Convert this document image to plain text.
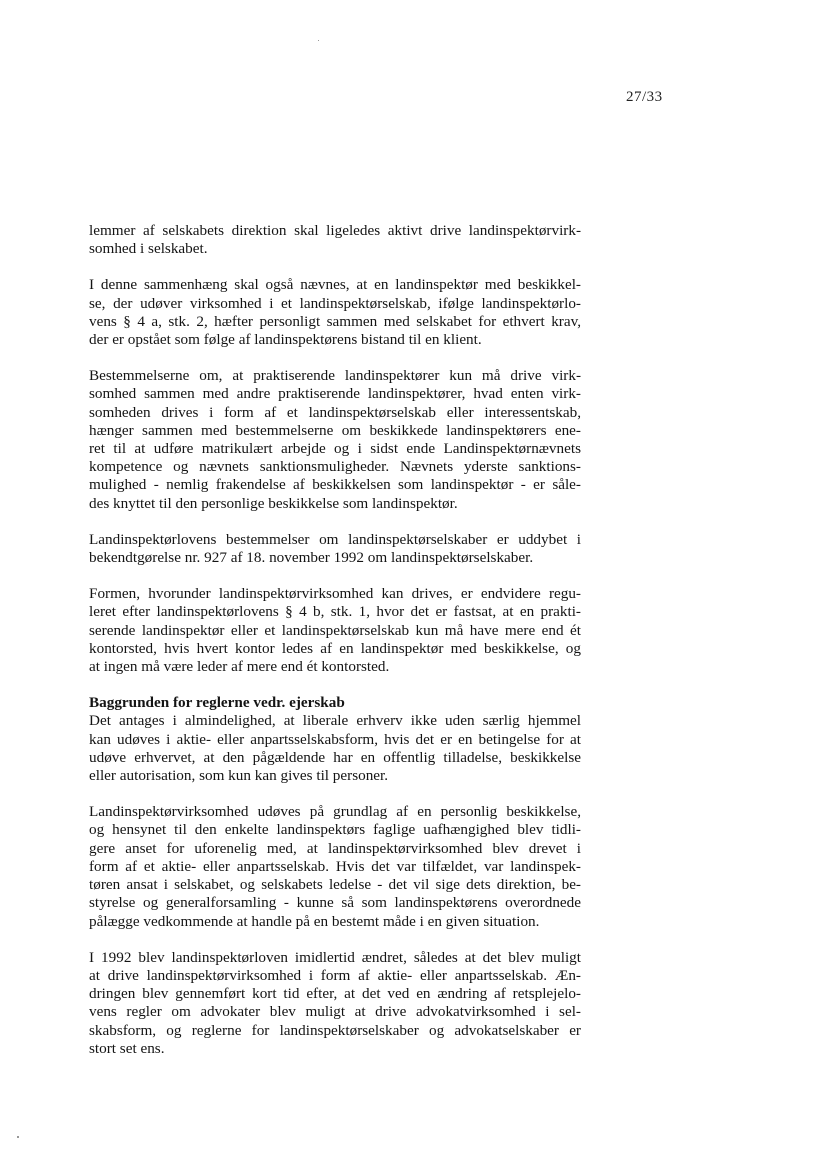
27/33

lemmer af selskabets direktion skal ligeledes aktivt drive landinspektørvirk-
somhed i selskabet.

I denne sammenhæng skal også nævnes, at en landinspektør med beskikkel-
se, der udøver virksomhed i et landinspektørselskab, ifølge landinspektørlo-
vens § 4 a, stk. 2, hæfter personligt sammen med selskabet for ethvert krav,
der er opstået som følge af landinspektørens bistand til en klient.

Bestemmelserne om, at praktiserende landinspektører kun må drive virk-
somhed sammen med andre praktiserende landinspektører, hvad enten virk-
somheden drives i form af et landinspektørselskab eller interessentskab,
hænger sammen med bestemmelserne om beskikkede landinspektørers ene-
ret til at udføre matrikulært arbejde og i sidst ende Landinspektørnævnets
kompetence og nævnets sanktionsmuligheder. Nævnets yderste sanktions-
mulighed - nemlig frakendelse af beskikkelsen som landinspektør - er såle-
des knyttet til den personlige beskikkelse som landinspektør.

Landinspektørlovens bestemmelser om landinspektørselskaber er uddybet i
bekendtgørelse nr. 927 af 18. november 1992 om landinspektørselskaber.

Formen, hvorunder landinspektørvirksomhed kan drives, er endvidere regu-
leret efter landinspektørlovens § 4 b, stk. 1, hvor det er fastsat, at en prakti-
serende landinspektør eller et landinspektørselskab kun må have mere end ét
kontorsted, hvis hvert kontor ledes af en landinspektør med beskikkelse, og
at ingen må være leder af mere end ét kontorsted.

Baggrunden for reglerne vedr. ejerskab
Det antages i almindelighed, at liberale erhverv ikke uden særlig hjemmel
kan udøves i aktie- eller anpartsselskabsform, hvis det er en betingelse for at
udøve erhvervet, at den pågældende har en offentlig tilladelse, beskikkelse
eller autorisation, som kun kan gives til personer.

Landinspektørvirksomhed udøves på grundlag af en personlig beskikkelse,
og hensynet til den enkelte landinspektørs faglige uafhængighed blev tidli-
gere anset for uforenelig med, at landinspektørvirksomhed blev drevet i
form af et aktie- eller anpartsselskab. Hvis det var tilfældet, var landinspek-
tøren ansat i selskabet, og selskabets ledelse - det vil sige dets direktion, be-
styrelse og generalforsamling - kunne så som landinspektørens overordnede
pålægge vedkommende at handle på en bestemt måde i en given situation.

I 1992 blev landinspektørloven imidlertid ændret, således at det blev muligt
at drive landinspektørvirksomhed i form af aktie- eller anpartsselskab. Æn-
dringen blev gennemført kort tid efter, at det ved en ændring af retsplejelo-
vens regler om advokater blev muligt at drive advokatvirksomhed i sel-
skabsform, og reglerne for landinspektørselskaber og advokatselskaber er
stort set ens.
